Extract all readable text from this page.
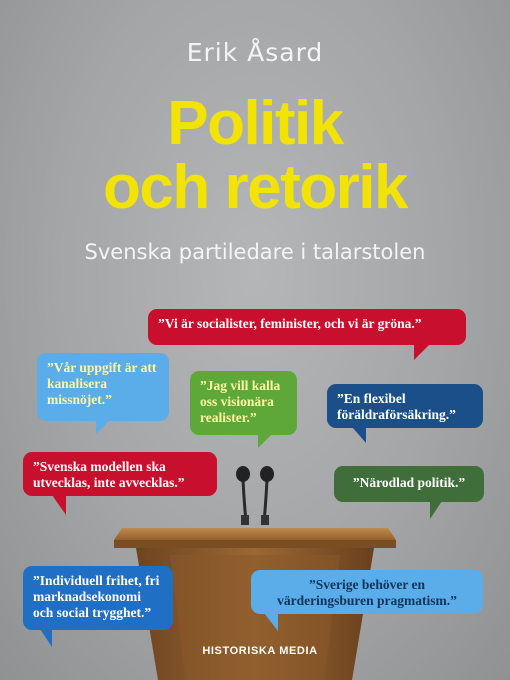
Erik Åsard
Politik
och retorik
Svenska partiledare i talarstolen
”Vi är socialister, feminister, och vi är gröna.”
”Vår uppgift är att kanalisera missnöjet.”
”Jag vill kalla oss visionära realister.”
”En flexibel föräldraförsäkring.”
”Svenska modellen ska utvecklas, inte avvecklas.”	”Närodlad politik.”
”Individuell frihet, fri marknadsekonomi och social trygghet.”
”Sverige behöver en värderingsburen pragmatism.”
HISTORISKA MEDIA
